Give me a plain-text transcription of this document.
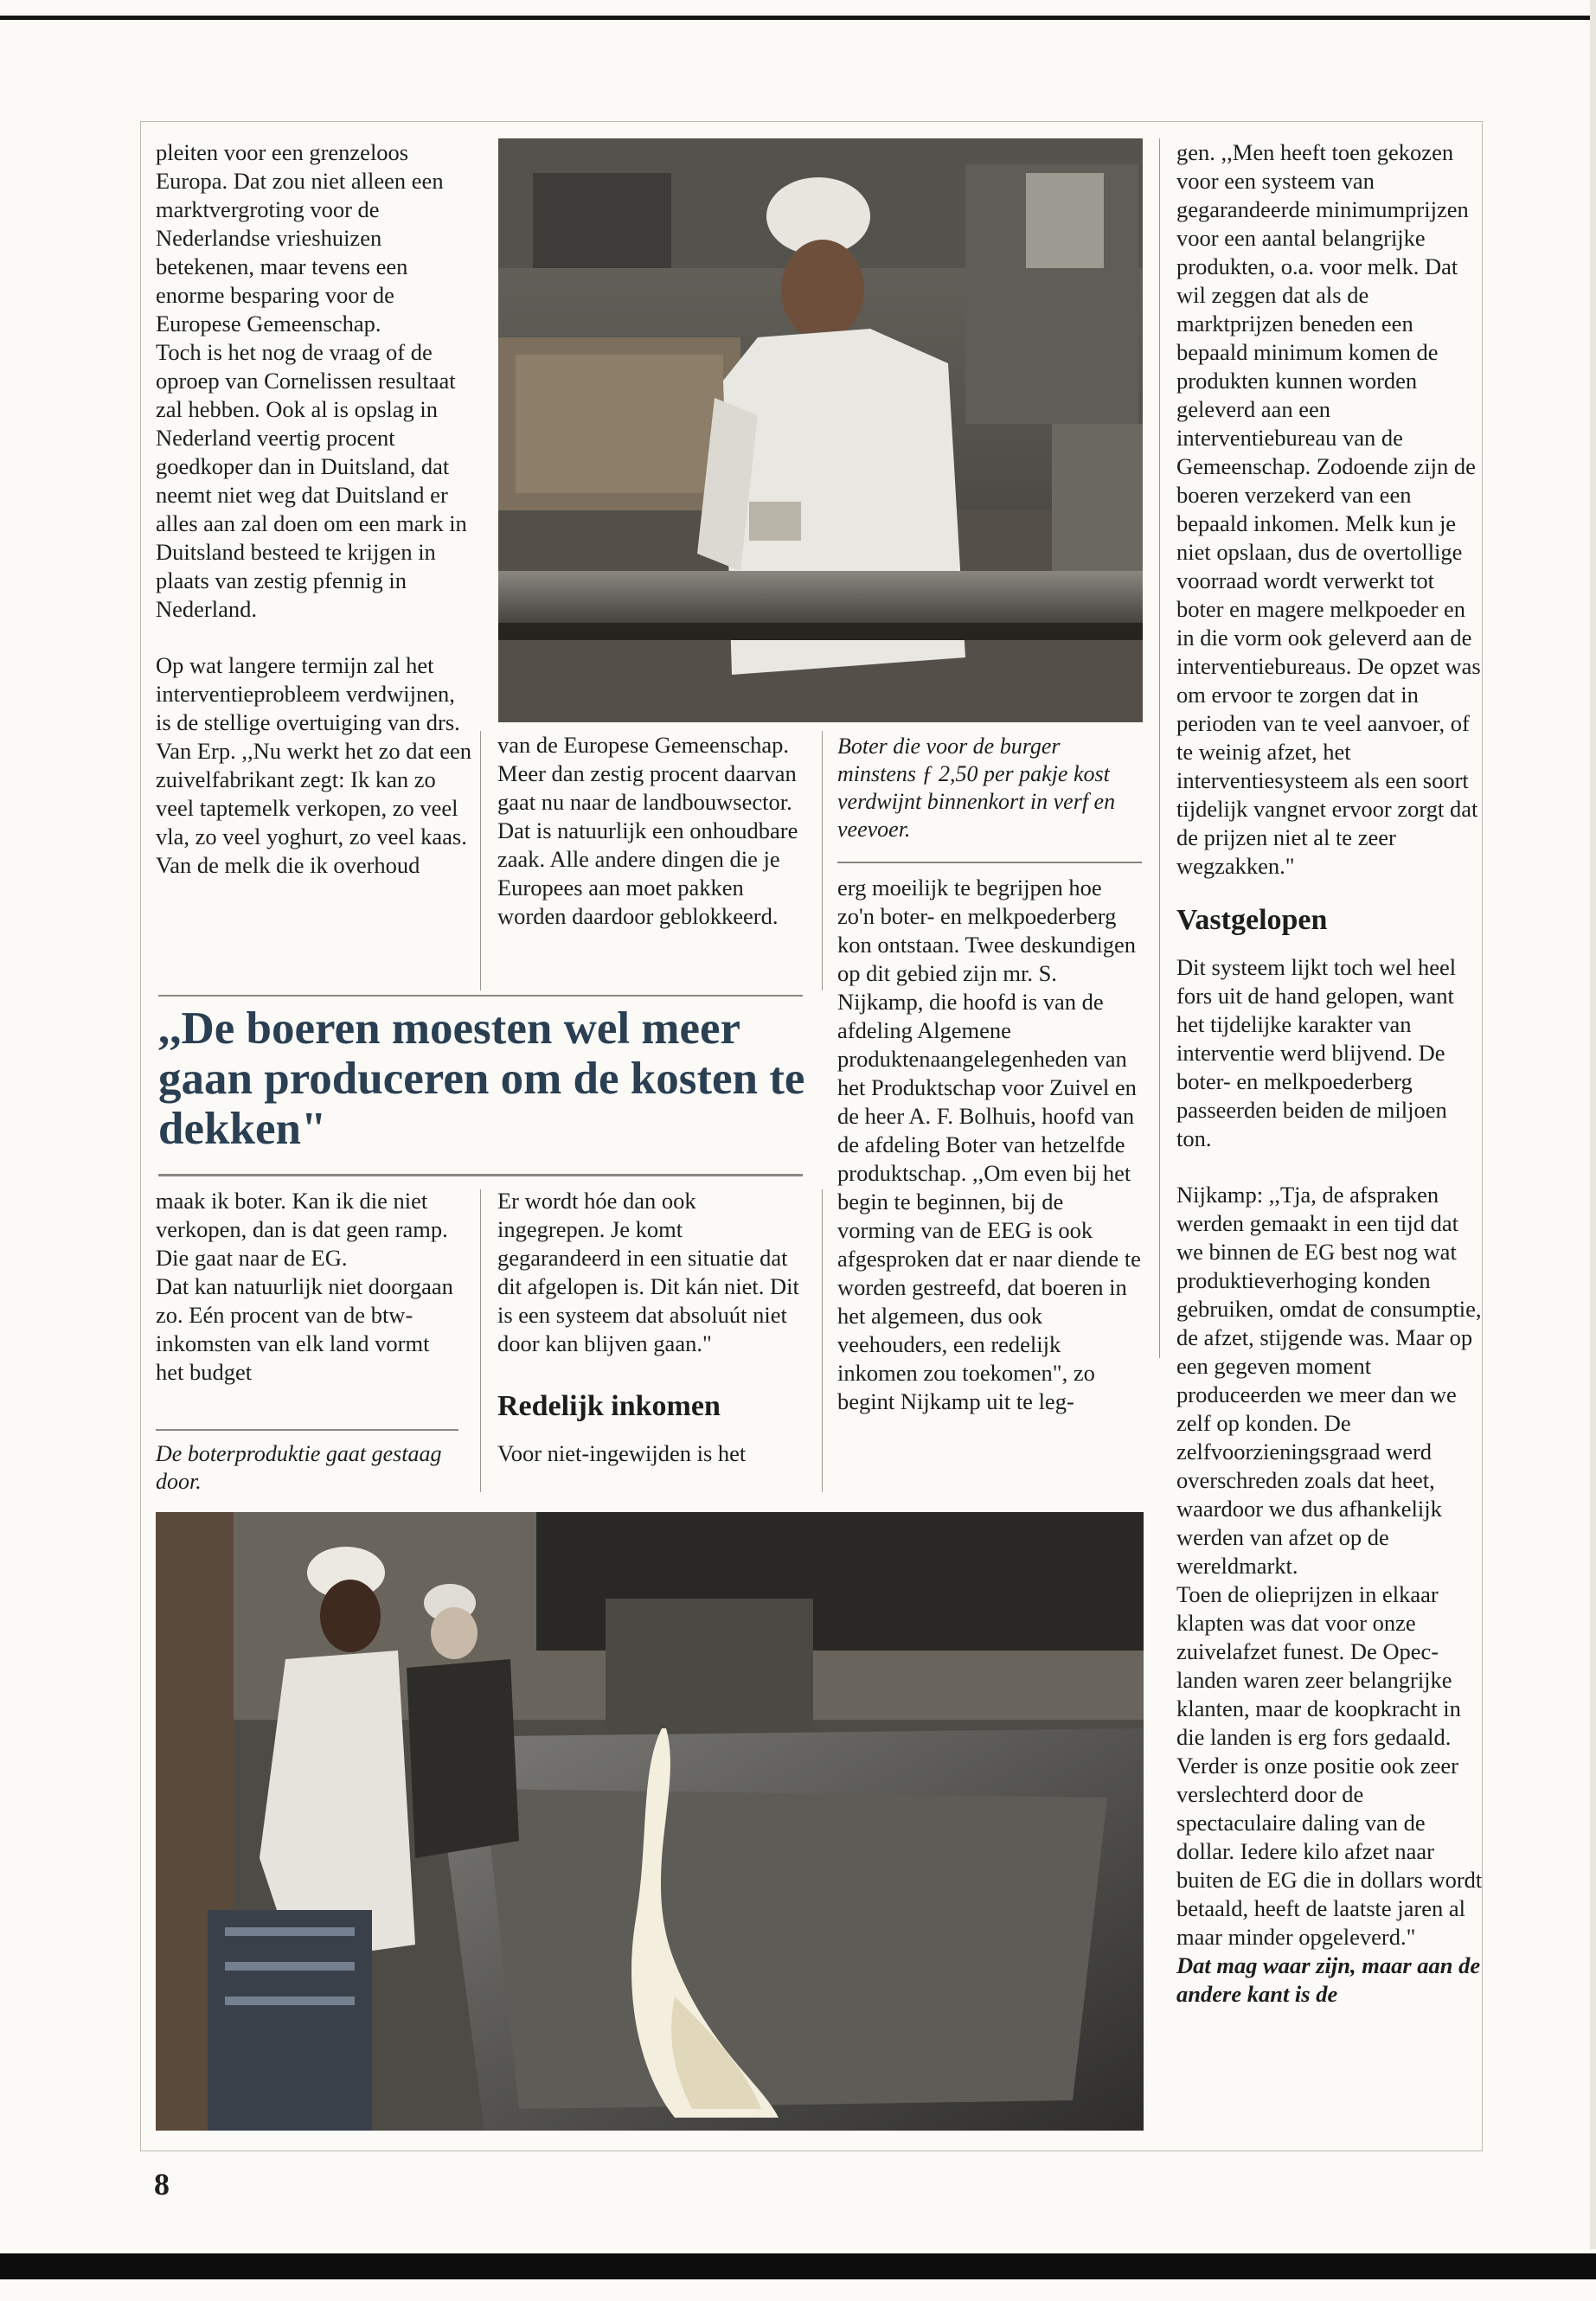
pleiten voor een grenzeloos Europa. Dat zou niet alleen een marktvergroting voor de Nederlandse vrieshuizen betekenen, maar tevens een enorme besparing voor de Europese Gemeenschap.

Toch is het nog de vraag of de oproep van Cornelissen resultaat zal hebben. Ook al is opslag in Nederland veertig procent goedkoper dan in Duitsland, dat neemt niet weg dat Duitsland er alles aan zal doen om een mark in Duitsland besteed te krijgen in plaats van zestig pfennig in Nederland.

Op wat langere termijn zal het interventieprobleem verdwijnen, is de stellige overtuiging van drs. Van Erp. ,,Nu werkt het zo dat een zuivelfabrikant zegt: Ik kan zo veel taptemelk verkopen, zo veel vla, zo veel yoghurt, zo veel kaas. Van de melk die ik overhoud

van de Europese Gemeenschap. Meer dan zestig procent daarvan gaat nu naar de landbouwsector. Dat is natuurlijk een onhoudbare zaak. Alle andere dingen die je Europees aan moet pakken worden daardoor geblokkeerd.

Boter die voor de burger minstens ƒ 2,50 per pakje kost verdwijnt binnenkort in verf en veevoer.

erg moeilijk te begrijpen hoe zo'n boter- en melkpoederberg kon ontstaan. Twee deskundigen op dit gebied zijn mr. S. Nijkamp, die hoofd is van de afdeling Algemene produktenaangelegenheden van het Produktschap voor Zuivel en de heer A. F. Bolhuis, hoofd van de afdeling Boter van hetzelfde produktschap. ,,Om even bij het begin te beginnen, bij de vorming van de EEG is ook afgesproken dat er naar diende te worden gestreefd, dat boeren in het algemeen, dus ook veehouders, een redelijk inkomen zou toekomen", zo begint Nijkamp uit te leg-

,,De boeren moesten wel meer gaan produceren om de kosten te dekken"

maak ik boter. Kan ik die niet verkopen, dan is dat geen ramp. Die gaat naar de EG.

Dat kan natuurlijk niet doorgaan zo. Eén procent van de btw-inkomsten van elk land vormt het budget

De boterproduktie gaat gestaag door.

Er wordt hóe dan ook ingegrepen. Je komt gegarandeerd in een situatie dat dit afgelopen is. Dit kán niet. Dit is een systeem dat absoluút niet door kan blijven gaan."

Redelijk inkomen

Voor niet-ingewijden is het

gen. ,,Men heeft toen gekozen voor een systeem van gegarandeerde minimumprijzen voor een aantal belangrijke produkten, o.a. voor melk. Dat wil zeggen dat als de marktprijzen beneden een bepaald minimum komen de produkten kunnen worden geleverd aan een interventiebureau van de Gemeenschap. Zodoende zijn de boeren verzekerd van een bepaald inkomen. Melk kun je niet opslaan, dus de overtollige voorraad wordt verwerkt tot boter en magere melkpoeder en in die vorm ook geleverd aan de interventiebureaus. De opzet was om ervoor te zorgen dat in perioden van te veel aanvoer, of te weinig afzet, het interventiesysteem als een soort tijdelijk vangnet ervoor zorgt dat de prijzen niet al te zeer wegzakken."

Vastgelopen

Dit systeem lijkt toch wel heel fors uit de hand gelopen, want het tijdelijke karakter van interventie werd blijvend. De boter- en melkpoederberg passeerden beiden de miljoen ton.

Nijkamp: ,,Tja, de afspraken werden gemaakt in een tijd dat we binnen de EG best nog wat produktieverhoging konden gebruiken, omdat de consumptie, de afzet, stijgende was. Maar op een gegeven moment produceerden we meer dan we zelf op konden. De zelfvoorzieningsgraad werd overschreden zoals dat heet, waardoor we dus afhankelijk werden van afzet op de wereldmarkt.

Toen de olieprijzen in elkaar klapten was dat voor onze zuivelafzet funest. De Opec-landen waren zeer belangrijke klanten, maar de koopkracht in die landen is erg fors gedaald. Verder is onze positie ook zeer verslechterd door de spectaculaire daling van de dollar. Iedere kilo afzet naar buiten de EG die in dollars wordt betaald, heeft de laatste jaren al maar minder opgeleverd."

Dat mag waar zijn, maar aan de andere kant is de

8
